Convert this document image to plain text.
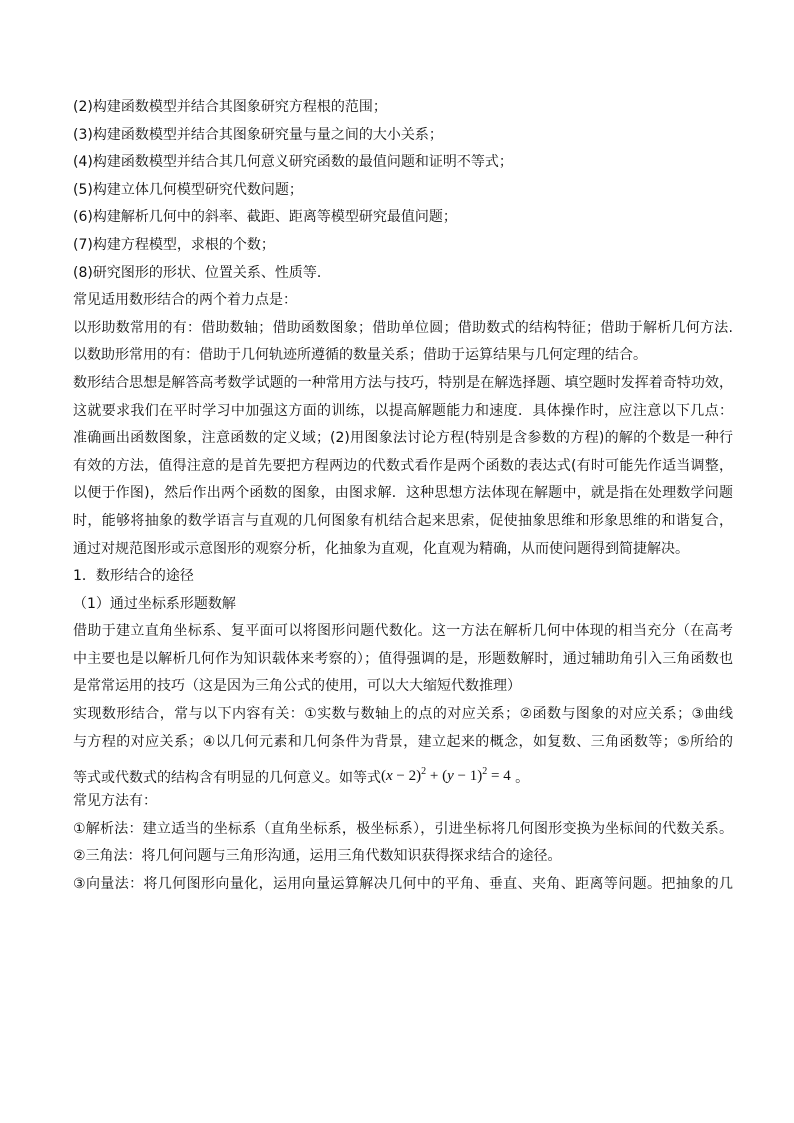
(2)构建函数模型并结合其图象研究方程根的范围；
(3)构建函数模型并结合其图象研究量与量之间的大小关系；
(4)构建函数模型并结合其几何意义研究函数的最值问题和证明不等式；
(5)构建立体几何模型研究代数问题；
(6)构建解析几何中的斜率、截距、距离等模型研究最值问题；
(7)构建方程模型，求根的个数；
(8)研究图形的形状、位置关系、性质等．
常见适用数形结合的两个着力点是：
以形助数常用的有：借助数轴；借助函数图象；借助单位圆；借助数式的结构特征；借助于解析几何方法.
以数助形常用的有：借助于几何轨迹所遵循的数量关系；借助于运算结果与几何定理的结合。
数形结合思想是解答高考数学试题的一种常用方法与技巧，特别是在解选择题、填空题时发挥着奇特功效，
这就要求我们在平时学习中加强这方面的训练，以提高解题能力和速度．具体操作时，应注意以下几点：
准确画出函数图象，注意函数的定义域；(2)用图象法讨论方程(特别是含参数的方程)的解的个数是一种行
有效的方法，值得注意的是首先要把方程两边的代数式看作是两个函数的表达式(有时可能先作适当调整，
以便于作图)，然后作出两个函数的图象，由图求解．这种思想方法体现在解题中，就是指在处理数学问题
时，能够将抽象的数学语言与直观的几何图象有机结合起来思索，促使抽象思维和形象思维的和谐复合，
通过对规范图形或示意图形的观察分析，化抽象为直观，化直观为精确，从而使问题得到简捷解决。
1．数形结合的途径
（1）通过坐标系形题数解
借助于建立直角坐标系、复平面可以将图形问题代数化。这一方法在解析几何中体现的相当充分（在高考
中主要也是以解析几何作为知识载体来考察的）；值得强调的是，形题数解时，通过辅助角引入三角函数也
是常常运用的技巧（这是因为三角公式的使用，可以大大缩短代数推理）
实现数形结合，常与以下内容有关：①实数与数轴上的点的对应关系；②函数与图象的对应关系；③曲线
与方程的对应关系；④以几何元素和几何条件为背景，建立起来的概念，如复数、三角函数等；⑤所给的
等式或代数式的结构含有明显的几何意义。如等式$(x - 2)^2 + (y - 1)^2 = 4$ 。
常见方法有：
①解析法：建立适当的坐标系（直角坐标系，极坐标系），引进坐标将几何图形变换为坐标间的代数关系。
②三角法：将几何问题与三角形沟通，运用三角代数知识获得探求结合的途径。
③向量法：将几何图形向量化，运用向量运算解决几何中的平角、垂直、夹角、距离等问题。把抽象的几
